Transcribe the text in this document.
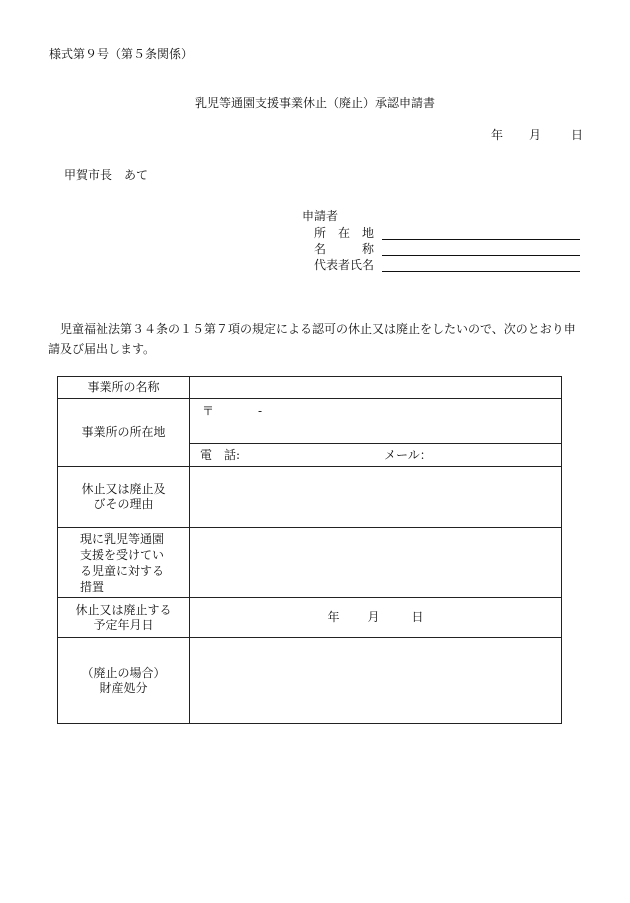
様式第９号（第５条関係）
乳児等通園支援事業休止（廃止）承認申請書
年 月 日
甲賀市長　あて
申請者
所　在　地
名　　　称
代表者氏名
児童福祉法第３４条の１５第７項の規定による認可の休止又は廃止をしたいので、次のとおり申請及び届出します。
事業所の名称	
事業所の所在地	〒 -

	電　話: メール：

休止又は廃止及
びその理由	

現に乳児等通園
支援を受けてい
る児童に対する
措置	

休止又は廃止する
予定年月日	年 月 日

（廃止の場合）
財産処分	
